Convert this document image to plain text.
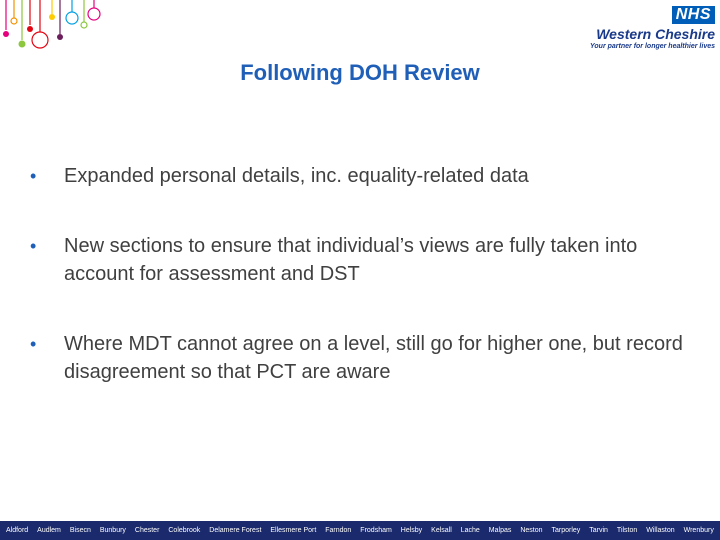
NHS
Western Cheshire
Your partner for longer healthier lives
Following DOH Review
• Expanded personal details, inc. equality-related data
• New sections to ensure that individual’s views are fully taken into account for assessment and DST
• Where MDT cannot agree on a level, still go for higher one, but record disagreement so that PCT are aware
Aldford Audlem Bisecn Bunbury Chester Colebrook Delamere Forest Ellesmere Port Farndon Frodsham Helsby Kelsall Lache Malpas Neston Tarporley Tarvin Tilston Willaston Wrenbury
